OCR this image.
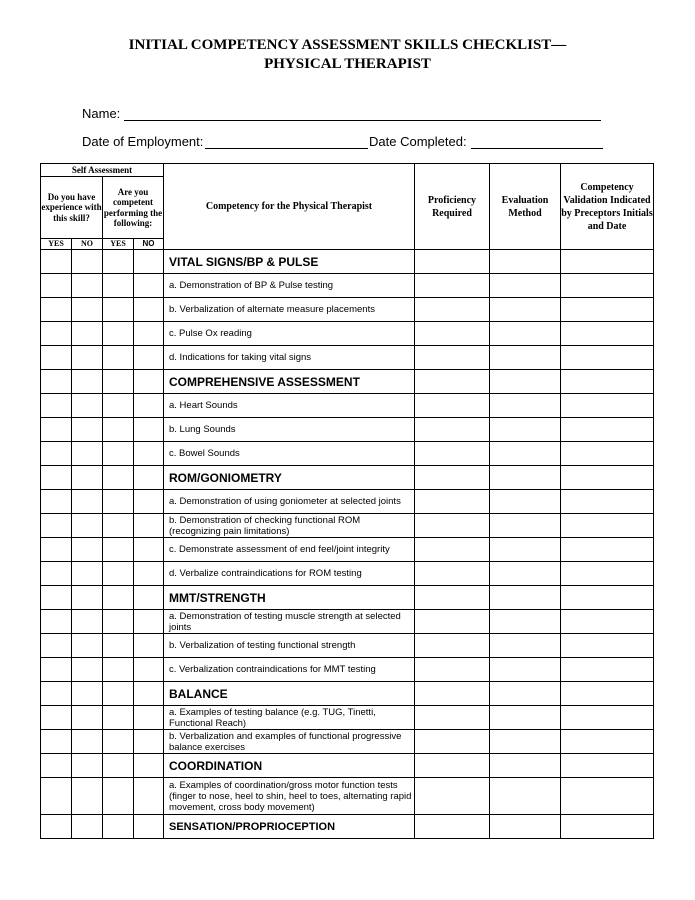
INITIAL COMPETENCY ASSESSMENT SKILLS CHECKLIST—
PHYSICAL THERAPIST
Name:
Date of Employment:	Date Completed:
Self Assessment				Competency for the Physical Therapist	Proficiency Required	Evaluation Method	Competency Validation Indicated by Preceptors Initials and Date
Do you have experience with this skill?		Are you competent performing the following:					
YES	NO	YES	NO				
				VITAL SIGNS/BP & PULSE			
				a. Demonstration of BP & Pulse testing			
				b. Verbalization of alternate measure placements			
				c. Pulse Ox reading			
				d. Indications for taking vital signs			
				COMPREHENSIVE ASSESSMENT			
				a. Heart Sounds			
				b. Lung Sounds			
				c. Bowel Sounds			
				ROM/GONIOMETRY			
				a. Demonstration of using goniometer at selected joints			
				b. Demonstration of checking functional ROM (recognizing pain limitations)			
				c. Demonstrate assessment of end feel/joint integrity			
				d. Verbalize contraindications for ROM testing			
				MMT/STRENGTH			
				a. Demonstration of testing muscle strength at selected joints			
				b. Verbalization of testing functional strength			
				c. Verbalization contraindications for MMT testing			
				BALANCE			
				a. Examples of testing balance (e.g. TUG, Tinetti, Functional Reach)			
				b. Verbalization and examples of functional progressive balance exercises			
				COORDINATION			
				a. Examples of coordination/gross motor function tests (finger to nose, heel to shin, heel to toes, alternating rapid movement, cross body movement)			
				SENSATION/PROPRIOCEPTION			
